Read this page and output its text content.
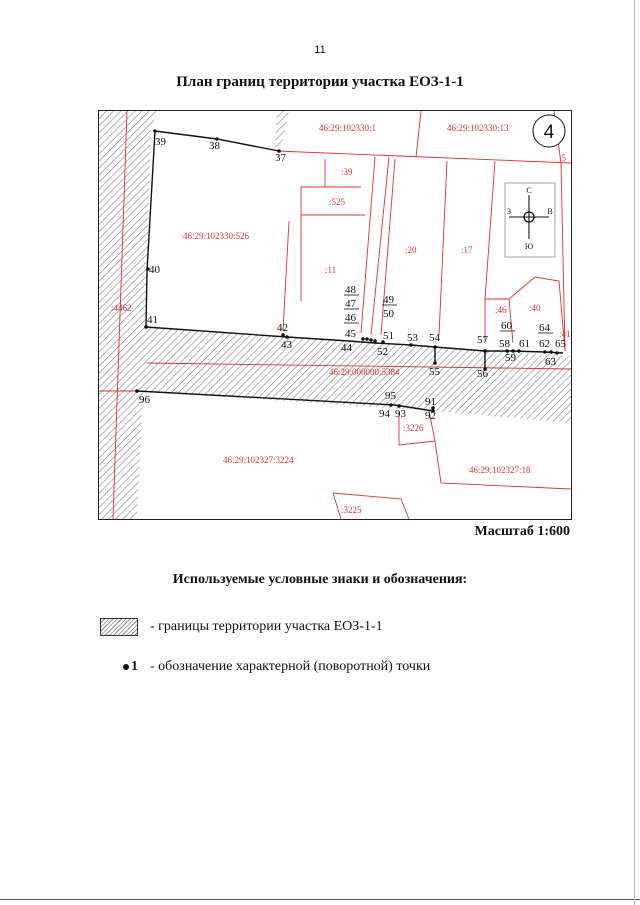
11
План границ территории участка ЕОЗ-1-1
46:29:102330:1	46:29:102330:13
:5
:39
:525
46:29:102330:526
:20	:17
:11
:4462	:46 :40
:41
46:29:000000:5384
:3226
46:29:102327:3224
46:29:102327:18
:3225
39	38
37
40
41
42
43
48
47
46
45
44
49
50
51
52
53 54
55
57
56
60
58
59
61
64
62
63
65
96	95
94 93
91
92
4
С
Ю
З	В
Масштаб 1:600
Используемые условные знаки и обозначения:
- границы территории участка ЕОЗ-1-1
1 - обозначение характерной (поворотной) точки
